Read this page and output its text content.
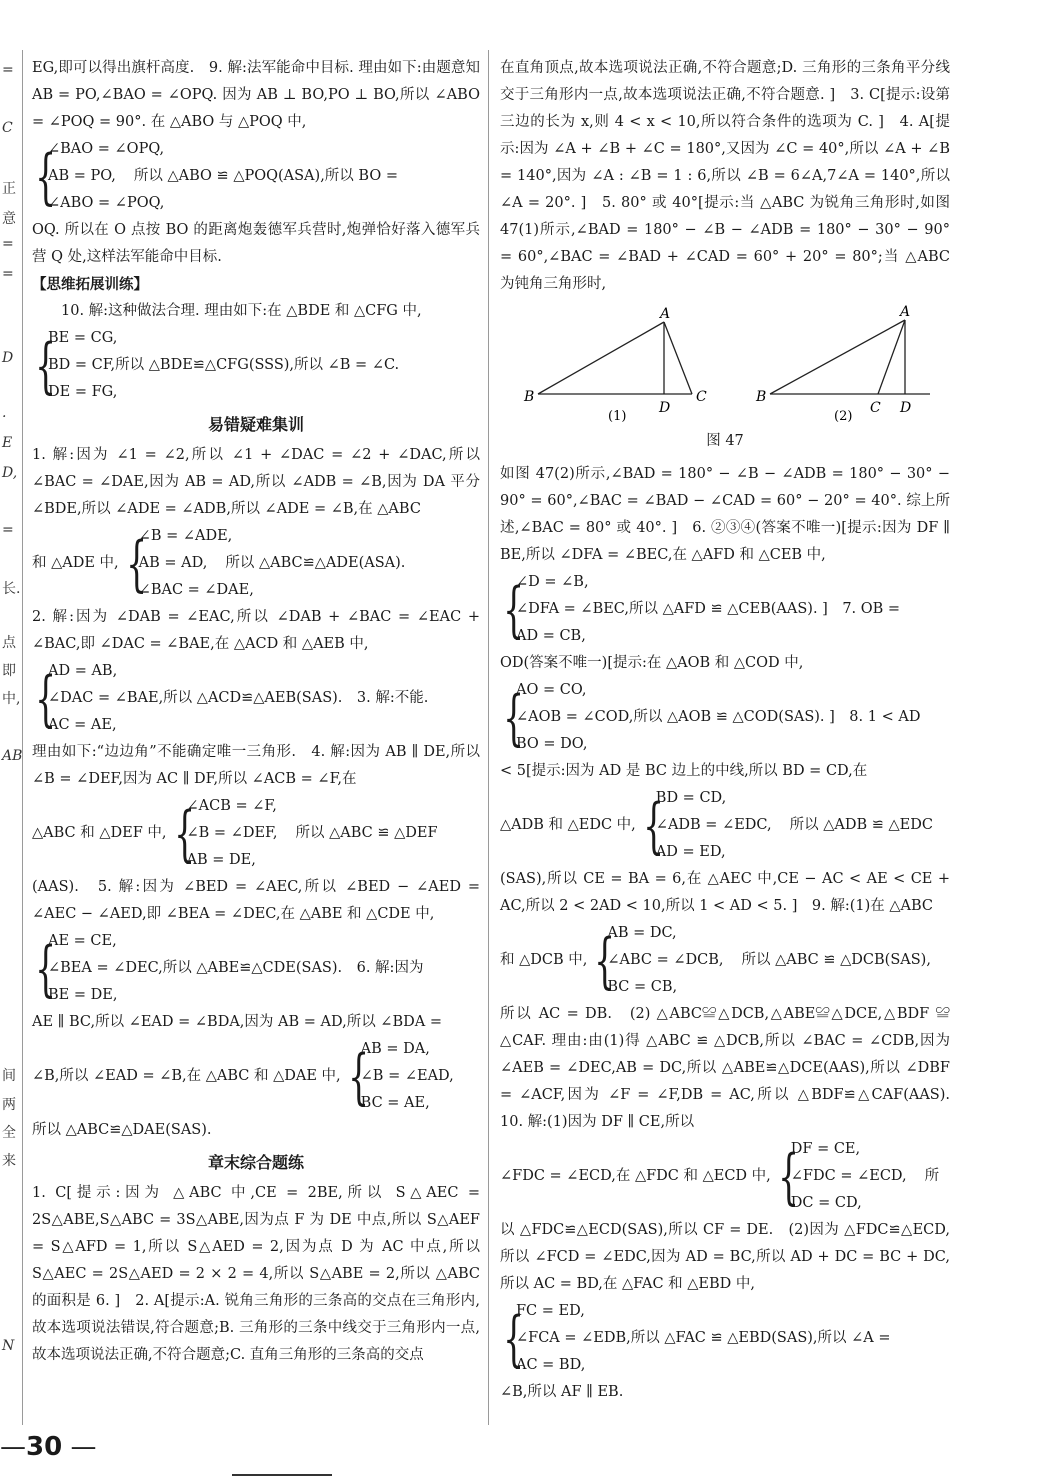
=
C
正
意
=
=
D
.
E
D,
=
长.
点
即
中,
AB
间
两
全
来
N

EG,即可以得出旗杆高度.　9. 解:法军能命中目标. 理由如下:由题意知 AB = PO,∠BAO = ∠OPQ. 因为 AB ⊥ BO,PO ⊥ BO,所以 ∠ABO = ∠POQ = 90°. 在 △ABO 与 △POQ 中,

{
∠BAO = ∠OPQ,
AB = PO, 所以 △ABO ≌ △POQ(ASA),所以 BO =
∠ABO = ∠POQ,

OQ. 所以在 O 点按 BO 的距离炮轰德军兵营时,炮弹恰好落入德军兵营 Q 处,这样法军能命中目标.

【思维拓展训练】

10. 解:这种做法合理. 理由如下:在 △BDE 和 △CFG 中,

{
BE = CG,
BD = CF,所以 △BDE≌△CFG(SSS),所以 ∠B = ∠C.
DE = FG,
易错疑难集训

1. 解:因为 ∠1 = ∠2,所以 ∠1 + ∠DAC = ∠2 + ∠DAC,所以 ∠BAC = ∠DAE,因为 AB = AD,所以 ∠ADB = ∠B,因为 DA 平分 ∠BDE,所以 ∠ADE = ∠ADB,所以 ∠ADE = ∠B,在 △ABC

和 △ADE 中, {
∠B = ∠ADE,
AB = AD, 所以 △ABC≌△ADE(ASA).
∠BAC = ∠DAE,

2. 解:因为 ∠DAB = ∠EAC,所以 ∠DAB + ∠BAC = ∠EAC + ∠BAC,即 ∠DAC = ∠BAE,在 △ACD 和 △AEB 中,

{
AD = AB,
∠DAC = ∠BAE,所以 △ACD≌△AEB(SAS).　3. 解:不能.
AC = AE,

理由如下:“边边角”不能确定唯一三角形.　4. 解:因为 AB ∥ DE,所以 ∠B = ∠DEF,因为 AC ∥ DF,所以 ∠ACB = ∠F,在

△ABC 和 △DEF 中, {
∠ACB = ∠F,
∠B = ∠DEF, 所以 △ABC ≌ △DEF
AB = DE,

(AAS).　5. 解:因为 ∠BED = ∠AEC,所以 ∠BED − ∠AED = ∠AEC − ∠AED,即 ∠BEA = ∠DEC,在 △ABE 和 △CDE 中,

{
AE = CE,
∠BEA = ∠DEC,所以 △ABE≌△CDE(SAS).　6. 解:因为
BE = DE,

AE ∥ BC,所以 ∠EAD = ∠BDA,因为 AB = AD,所以 ∠BDA =

∠B,所以 ∠EAD = ∠B,在 △ABC 和 △DAE 中, {
AB = DA,
∠B = ∠EAD,
BC = AE,

所以 △ABC≌△DAE(SAS).

章末综合题练

1. C[提示:因为 △ABC 中,CE = 2BE,所以 S△AEC = 2S△ABE,S△ABC = 3S△ABE,因为点 F 为 DE 中点,所以 S△AEF = S△AFD = 1,所以 S△AED = 2,因为点 D 为 AC 中点,所以 S△AEC = 2S△AED = 2 × 2 = 4,所以 S△ABE = 2,所以 △ABC 的面积是 6. ]　2. A[提示:A. 锐角三角形的三条高的交点在三角形内,故本选项说法错误,符合题意;B. 三角形的三条中线交于三角形内一点,故本选项说法正确,不符合题意;C. 直角三角形的三条高的交点

在直角顶点,故本选项说法正确,不符合题意;D. 三角形的三条角平分线交于三角形内一点,故本选项说法正确,不符合题意. ]　3. C[提示:设第三边的长为 x,则 4 < x < 10,所以符合条件的选项为 C. ]　4. A[提示:因为 ∠A + ∠B + ∠C = 180°,又因为 ∠C = 40°,所以 ∠A + ∠B = 140°,因为 ∠A : ∠B = 1 : 6,所以 ∠B = 6∠A,7∠A = 140°,所以 ∠A = 20°. ]　5. 80° 或 40°[提示:当 △ABC 为锐角三角形时,如图 47(1)所示,∠BAD = 180° − ∠B − ∠ADB = 180° − 30° − 90° = 60°,∠BAC = ∠BAD + ∠CAD = 60° + 20° = 80°;当 △ABC 为钝角三角形时,

A
B	C
D
(1)
A
B
C D
(2)
图 47

如图 47(2)所示,∠BAD = 180° − ∠B − ∠ADB = 180° − 30° − 90° = 60°,∠BAC = ∠BAD − ∠CAD = 60° − 20° = 40°. 综上所述,∠BAC = 80° 或 40°. ]　6. ②③④(答案不唯一)[提示:因为 DF ∥ BE,所以 ∠DFA = ∠BEC,在 △AFD 和 △CEB 中,

{
∠D = ∠B,
∠DFA = ∠BEC,所以 △AFD ≌ △CEB(AAS). ]　7. OB =
AD = CB,

OD(答案不唯一)[提示:在 △AOB 和 △COD 中,

{
AO = CO,
∠AOB = ∠COD,所以 △AOB ≌ △COD(SAS). ]　8. 1 < AD
BO = DO,

< 5[提示:因为 AD 是 BC 边上的中线,所以 BD = CD,在

△ADB 和 △EDC 中, {
BD = CD,
∠ADB = ∠EDC, 所以 △ADB ≌ △EDC
AD = ED,

(SAS),所以 CE = BA = 6,在 △AEC 中,CE − AC < AE < CE + AC,所以 2 < 2AD < 10,所以 1 < AD < 5. ]　9. 解:(1)在 △ABC

和 △DCB 中, {
AB = DC,
∠ABC = ∠DCB, 所以 △ABC ≌ △DCB(SAS),
BC = CB,

所以 AC = DB.　(2) △ABC≌△DCB,△ABE≌△DCE,△BDF ≌ △CAF. 理由:由(1)得 △ABC ≌ △DCB,所以 ∠BAC = ∠CDB,因为 ∠AEB = ∠DEC,AB = DC,所以 △ABE≌△DCE(AAS),所以 ∠DBF = ∠ACF,因为 ∠F = ∠F,DB = AC,所以 △BDF≌△CAF(AAS).　10. 解:(1)因为 DF ∥ CE,所以

∠FDC = ∠ECD,在 △FDC 和 △ECD 中, {
DF = CE,
∠FDC = ∠ECD, 所
DC = CD,

以 △FDC≌△ECD(SAS),所以 CF = DE.　(2)因为 △FDC≌△ECD,所以 ∠FCD = ∠EDC,因为 AD = BC,所以 AD + DC = BC + DC,所以 AC = BD,在 △FAC 和 △EBD 中,

{
FC = ED,
∠FCA = ∠EDB,所以 △FAC ≌ △EBD(SAS),所以 ∠A =
AC = BD,

∠B,所以 AF ∥ EB.

—30 —
